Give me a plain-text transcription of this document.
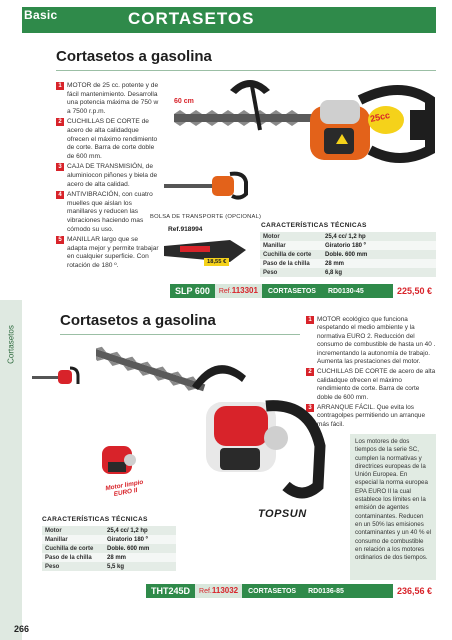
Basic	CORTASETOS
Cortasetos
Cortasetos a gasolina
1 MOTOR de 25 cc. potente y de fácil mantenimiento. Desarrolla una potencia máxima de 750 w a 7500 r.p.m.
2 CUCHILLAS DE CORTE de acero de alta calidadque ofrecen el máximo rendimiento de corte. Barra de corte doble de 600 mm.
3 CAJA DE TRANSMISIÓN, de aluminiocon piñones y biela de acero de alta calidad.
4 ANTIVIBRACIÓN, con cuatro muelles que aislan los manillares y reducen las vibraciones haciendo mas cómodo su uso.
5 MANILLAR largo que se adapta mejor y permite trabajar en cualquier superficie. Con rotación de 180 º.
60 cm
25cc
BOLSA DE TRANSPORTE (OPCIONAL)
Ref.918994
18,55 €
CARACTERÍSTICAS TÉCNICAS
Motor	25,4 cc/ 1,2 hp
Manillar	Giratorio 180 º
Cuchilla de corte	Doble. 600 mm
Paso de la chilla	28 mm
Peso	6,8 kg
SLP 600	Ref.113301	CORTASETOS	RD0130-45	225,50 €
Cortasetos a gasolina	1 MOTOR ecológico que funciona respetando el medio ambiente y la normativa EURO 2. Reducción del consumo de combustible de hasta un 40 . incrementando la autonomía de trabajo. Aumenta las prestaciones del motor.
2 CUCHILLAS DE CORTE de acero de alta calidadque ofrecen el máximo rendimiento de corte. Barra de corte doble de 600 mm.
3 ARRANQUE FÁCIL. Que evita los contragolpes permitiendo un arranque más fácil.
Motor limpio EURO II
TOPSUN
Los motores de dos tiempos de la serie SC, cumplen la normativas y directrices europeas de la Unión Europea. En especial la norma europea EPA EURO II la cual establece los límites en la emisión de agentes contaminantes. Reducen en un 50% las emisiones contaminantes y un 40 % el consumo de combustible en relación a los motores ordinarios de dos tiempos.
CARACTERÍSTICAS TÉCNICAS
Motor	25,4 cc/ 1,2 hp
Manillar	Giratorio 180 º
Cuchilla de corte	Doble. 600 mm
Paso de la chilla	28 mm
Peso	5,5 kg
THT245D	Ref.113032	CORTASETOS	RD0136-85	236,56 €
266
